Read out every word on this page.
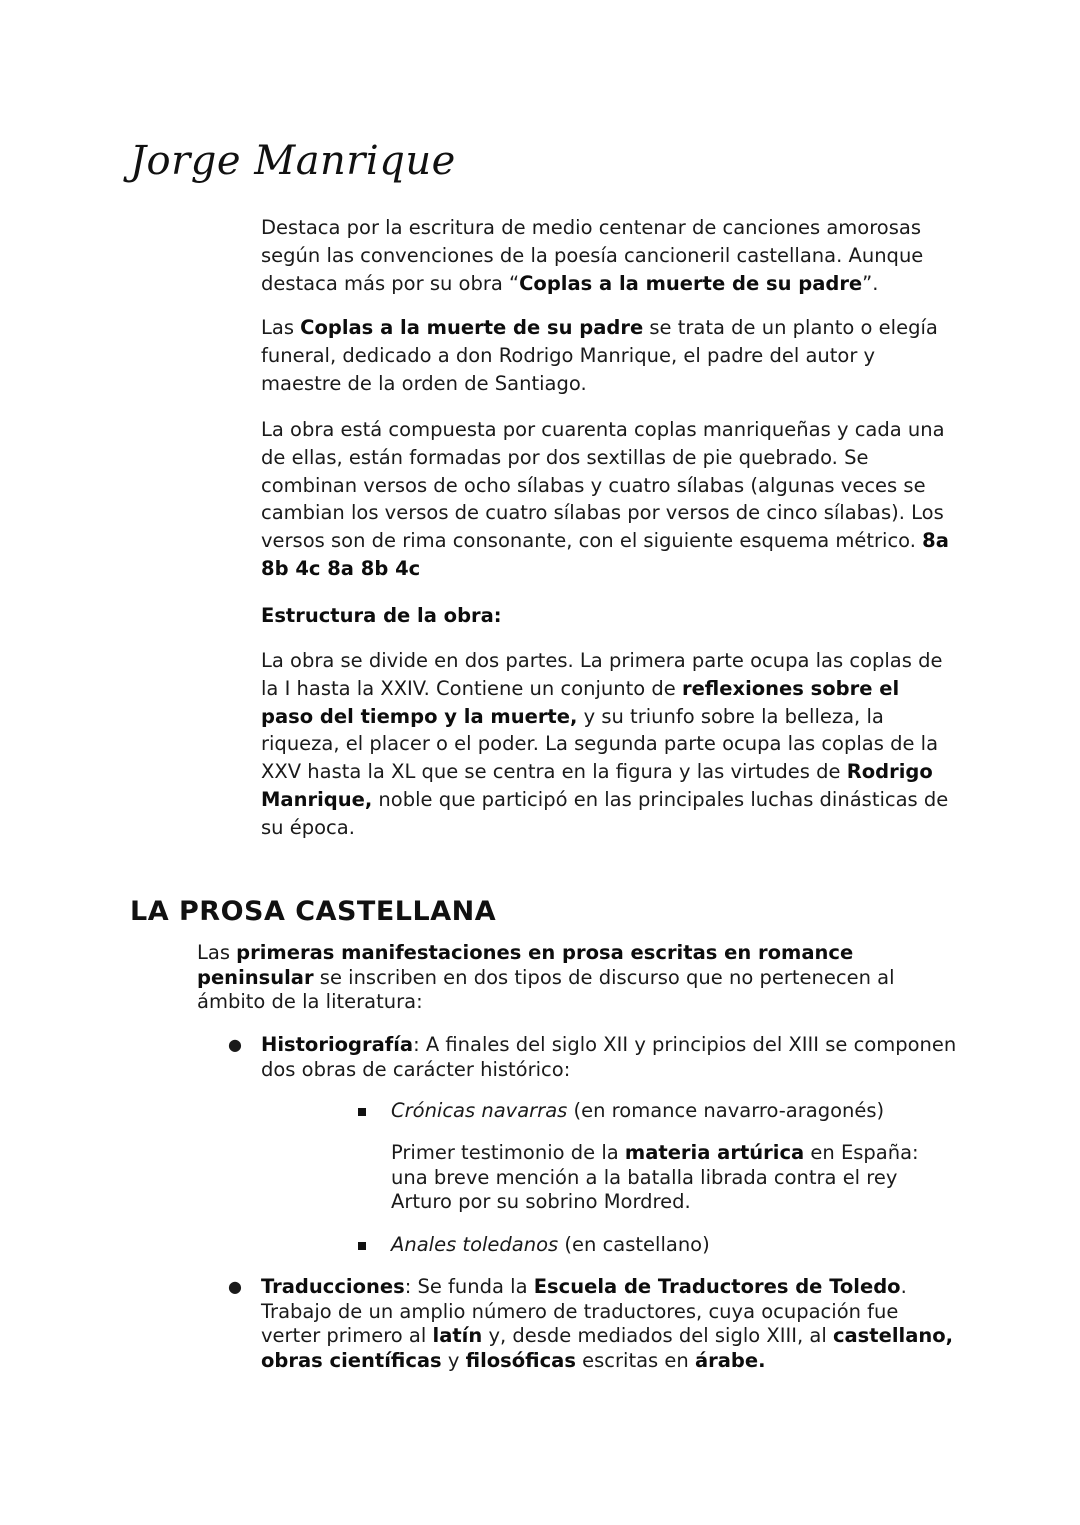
Jorge Manrique

Destaca por la escritura de medio centenar de canciones amorosas según las convenciones de la poesía cancioneril castellana. Aunque destaca más por su obra “Coplas a la muerte de su padre”.

Las Coplas a la muerte de su padre se trata de un planto o elegía funeral, dedicado a don Rodrigo Manrique, el padre del autor y maestre de la orden de Santiago.

La obra está compuesta por cuarenta coplas manriqueñas y cada una de ellas, están formadas por dos sextillas de pie quebrado. Se combinan versos de ocho sílabas y cuatro sílabas (algunas veces se cambian los versos de cuatro sílabas por versos de cinco sílabas). Los versos son de rima consonante, con el siguiente esquema métrico. 8a 8b 4c 8a 8b 4c

Estructura de la obra:

La obra se divide en dos partes. La primera parte ocupa las coplas de la I hasta la XXIV. Contiene un conjunto de reflexiones sobre el paso del tiempo y la muerte, y su triunfo sobre la belleza, la riqueza, el placer o el poder. La segunda parte ocupa las coplas de la XXV hasta la XL que se centra en la figura y las virtudes de Rodrigo Manrique, noble que participó en las principales luchas dinásticas de su época.

LA PROSA CASTELLANA

Las primeras manifestaciones en prosa escritas en romance peninsular se inscriben en dos tipos de discurso que no pertenecen al ámbito de la literatura:

● Historiografía: A finales del siglo XII y principios del XIII se componen dos obras de carácter histórico:

Crónicas navarras (en romance navarro-aragonés)

Primer testimonio de la materia artúrica en España: una breve mención a la batalla librada contra el rey Arturo por su sobrino Mordred.

Anales toledanos (en castellano)

● Traducciones: Se funda la Escuela de Traductores de Toledo. Trabajo de un amplio número de traductores, cuya ocupación fue verter primero al latín y, desde mediados del siglo XIII, al castellano, obras científicas y filosóficas escritas en árabe.
